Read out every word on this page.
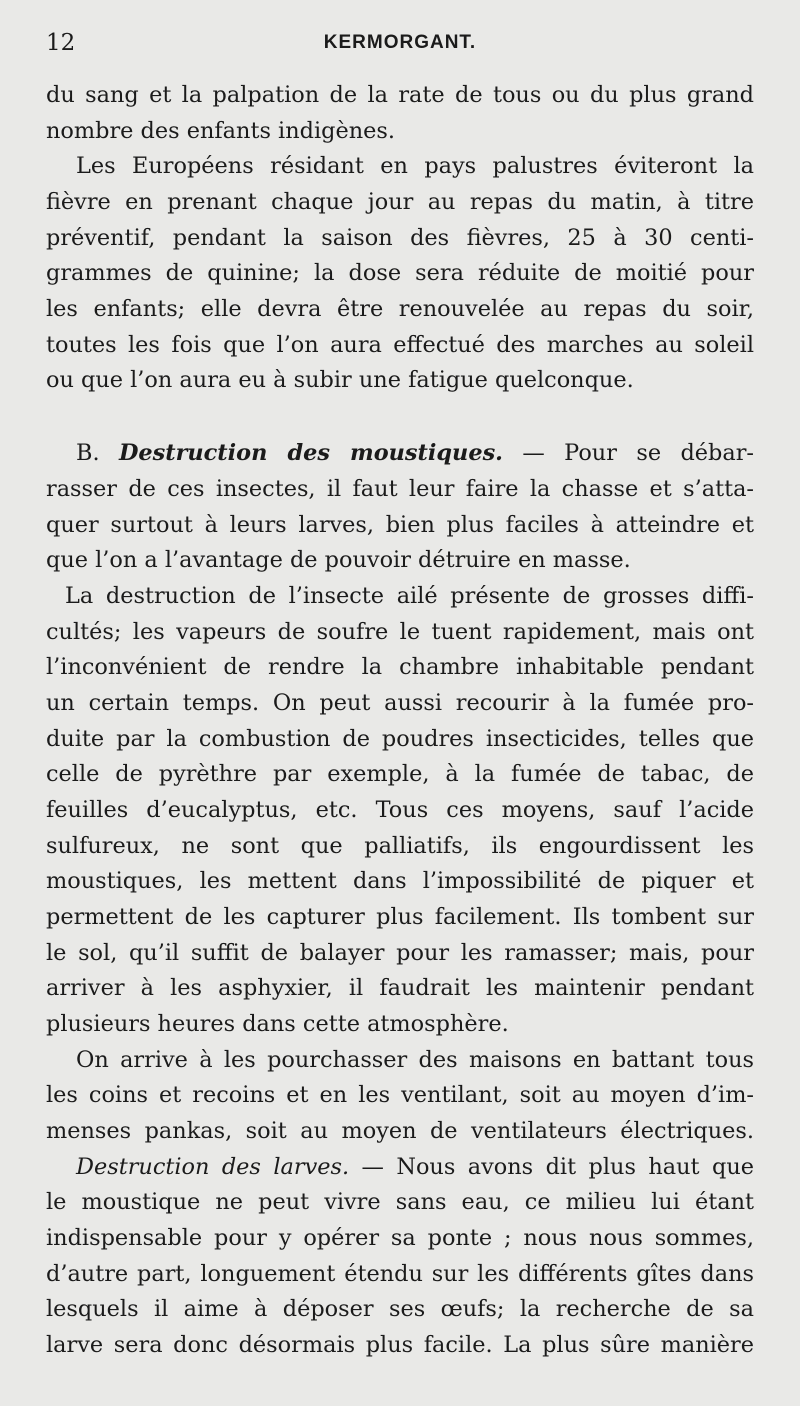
12	KERMORGANT.
du sang et la palpation de la rate de tous ou du plus grand
nombre des enfants indigènes.
Les Européens résidant en pays palustres éviteront la
fièvre en prenant chaque jour au repas du matin, à titre
préventif, pendant la saison des fièvres, 25 à 30 centi-
grammes de quinine; la dose sera réduite de moitié pour
les enfants; elle devra être renouvelée au repas du soir,
toutes les fois que l’on aura effectué des marches au soleil
ou que l’on aura eu à subir une fatigue quelconque.
B. Destruction des moustiques. — Pour se débar-
rasser de ces insectes, il faut leur faire la chasse et s’atta-
quer surtout à leurs larves, bien plus faciles à atteindre et
que l’on a l’avantage de pouvoir détruire en masse.
La destruction de l’insecte ailé présente de grosses diffi-
cultés; les vapeurs de soufre le tuent rapidement, mais ont
l’inconvénient de rendre la chambre inhabitable pendant
un certain temps. On peut aussi recourir à la fumée pro-
duite par la combustion de poudres insecticides, telles que
celle de pyrèthre par exemple, à la fumée de tabac, de
feuilles d’eucalyptus, etc. Tous ces moyens, sauf l’acide
sulfureux, ne sont que palliatifs, ils engourdissent les
moustiques, les mettent dans l’impossibilité de piquer et
permettent de les capturer plus facilement. Ils tombent sur
le sol, qu’il suffit de balayer pour les ramasser; mais, pour
arriver à les asphyxier, il faudrait les maintenir pendant
plusieurs heures dans cette atmosphère.
On arrive à les pourchasser des maisons en battant tous
les coins et recoins et en les ventilant, soit au moyen d’im-
menses pankas, soit au moyen de ventilateurs électriques.
Destruction des larves. — Nous avons dit plus haut que
le moustique ne peut vivre sans eau, ce milieu lui étant
indispensable pour y opérer sa ponte ; nous nous sommes,
d’autre part, longuement étendu sur les différents gîtes dans
lesquels il aime à déposer ses œufs; la recherche de sa
larve sera donc désormais plus facile. La plus sûre manière
